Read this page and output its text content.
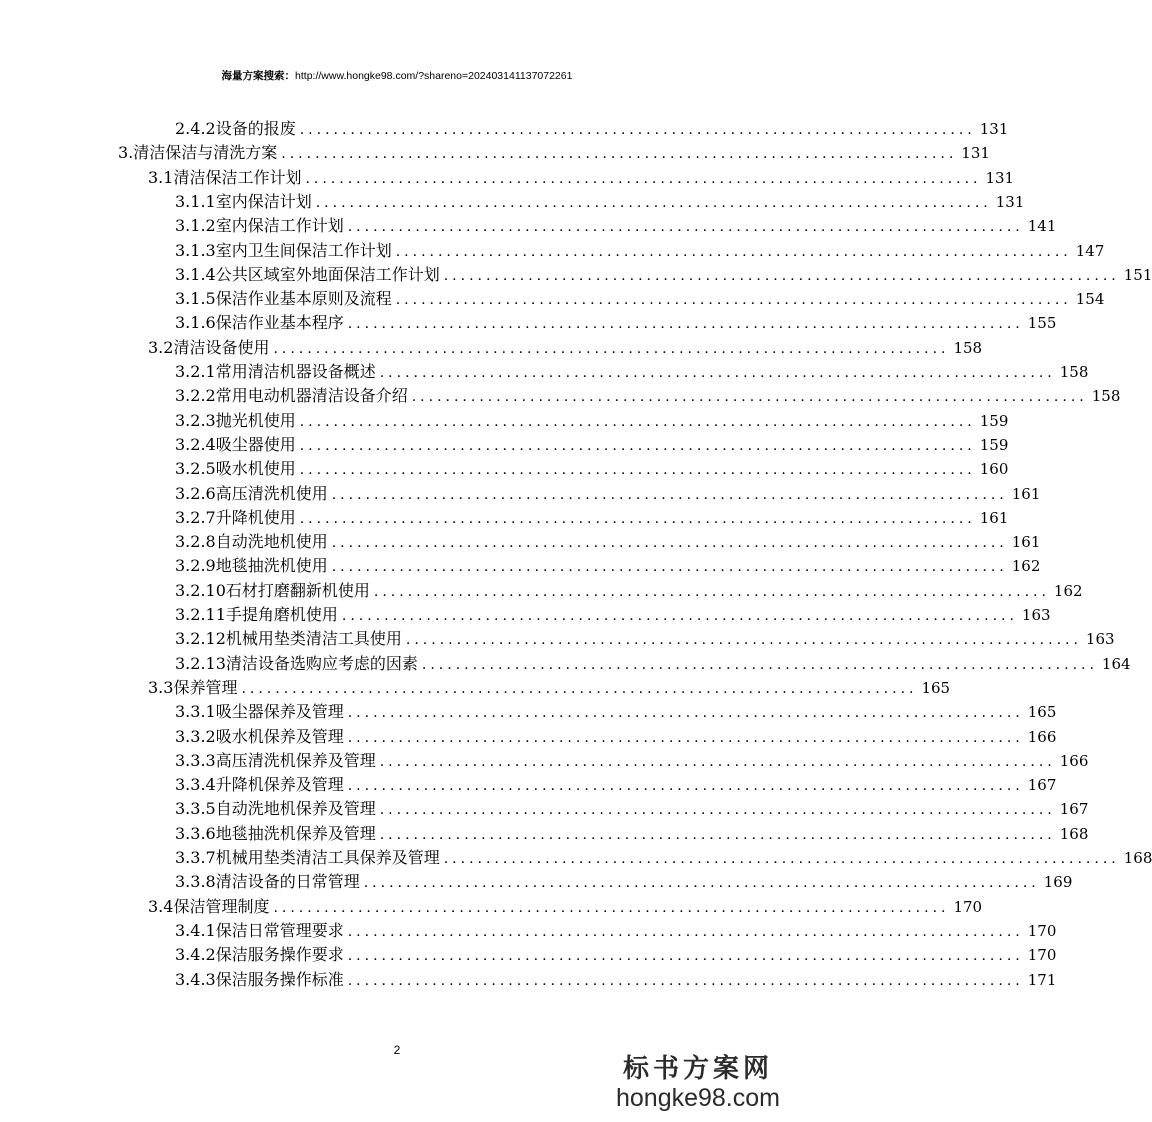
海量方案搜索：http://www.hongke98.com/?shareno=202403141137072261
2.4.2设备的报废 ................................................................................ 131
3.清洁保洁与清洗方案 ................................................................................ 131
3.1清洁保洁工作计划 ................................................................................ 131
3.1.1室内保洁计划 ................................................................................ 131
3.1.2室内保洁工作计划 ................................................................................ 141
3.1.3室内卫生间保洁工作计划 ................................................................................ 147
3.1.4公共区域室外地面保洁工作计划 ................................................................................ 151
3.1.5保洁作业基本原则及流程 ................................................................................ 154
3.1.6保洁作业基本程序 ................................................................................ 155
3.2清洁设备使用 ................................................................................ 158
3.2.1常用清洁机器设备概述 ................................................................................ 158
3.2.2常用电动机器清洁设备介绍 ................................................................................ 158
3.2.3抛光机使用 ................................................................................ 159
3.2.4吸尘器使用 ................................................................................ 159
3.2.5吸水机使用 ................................................................................ 160
3.2.6高压清洗机使用 ................................................................................ 161
3.2.7升降机使用 ................................................................................ 161
3.2.8自动洗地机使用 ................................................................................ 161
3.2.9地毯抽洗机使用 ................................................................................ 162
3.2.10石材打磨翻新机使用 ................................................................................ 162
3.2.11手提角磨机使用 ................................................................................ 163
3.2.12机械用垫类清洁工具使用 ................................................................................ 163
3.2.13清洁设备选购应考虑的因素 ................................................................................ 164
3.3保养管理 ................................................................................ 165
3.3.1吸尘器保养及管理 ................................................................................ 165
3.3.2吸水机保养及管理 ................................................................................ 166
3.3.3高压清洗机保养及管理 ................................................................................ 166
3.3.4升降机保养及管理 ................................................................................ 167
3.3.5自动洗地机保养及管理 ................................................................................ 167
3.3.6地毯抽洗机保养及管理 ................................................................................ 168
3.3.7机械用垫类清洁工具保养及管理 ................................................................................ 168
3.3.8清洁设备的日常管理 ................................................................................ 169
3.4保洁管理制度 ................................................................................ 170
3.4.1保洁日常管理要求 ................................................................................ 170
3.4.2保洁服务操作要求 ................................................................................ 170
3.4.3保洁服务操作标准 ................................................................................ 171
2
标书方案网
hongke98.com
